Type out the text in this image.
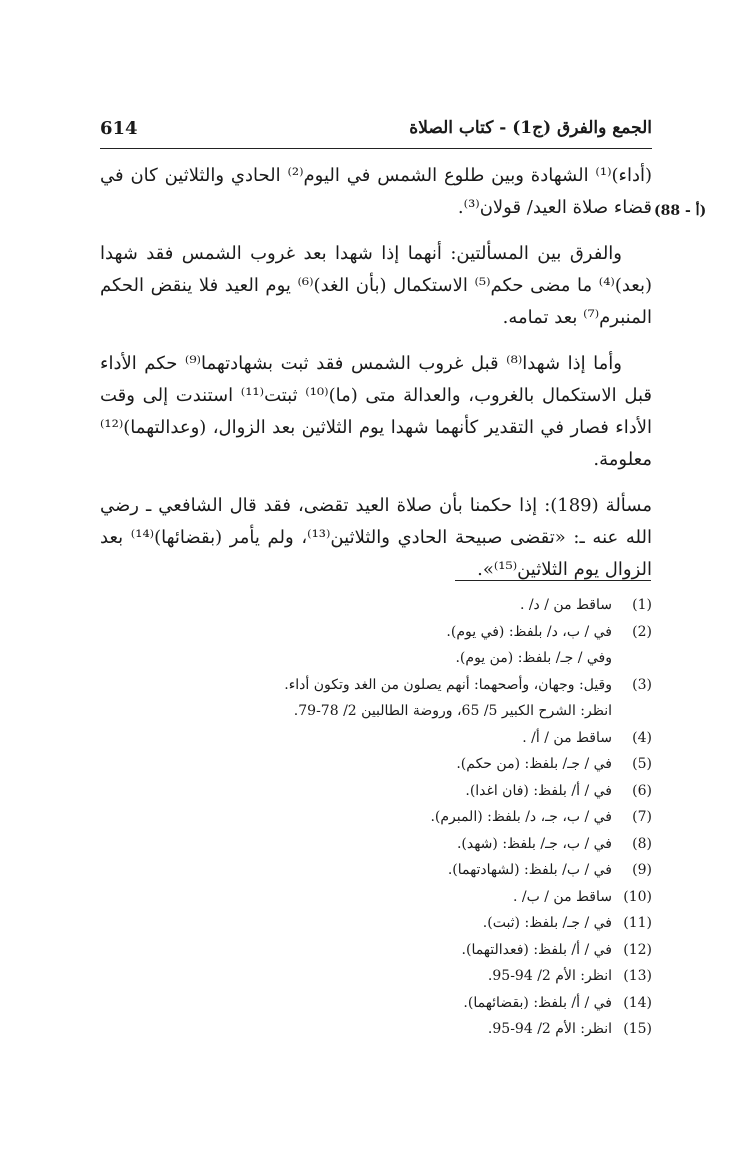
الجمع والفرق (ج1) - كتاب الصلاة
614
(88 - أ)

(أداء)⁽¹⁾ الشهادة وبين طلوع الشمس في اليوم⁽²⁾ الحادي والثلاثين كان في قضاء صلاة العيد/ قولان⁽³⁾.

والفرق بين المسألتين: أنهما إذا شهدا بعد غروب الشمس فقد شهدا (بعد)⁽⁴⁾ ما مضى حكم⁽⁵⁾ الاستكمال (بأن الغد)⁽⁶⁾ يوم العيد فلا ينقض الحكم المنبرم⁽⁷⁾ بعد تمامه.

وأما إذا شهدا⁽⁸⁾ قبل غروب الشمس فقد ثبت بشهادتهما⁽⁹⁾ حكم الأداء قبل الاستكمال بالغروب، والعدالة متى (ما)⁽¹⁰⁾ ثبتت⁽¹¹⁾ استندت إلى وقت الأداء فصار في التقدير كأنهما شهدا يوم الثلاثين بعد الزوال، (وعدالتهما)⁽¹²⁾ معلومة.

مسألة (189): إذا حكمنا بأن صلاة العيد تقضى، فقد قال الشافعي ـ رضي الله عنه ـ: «تقضى صبيحة الحادي والثلاثين⁽¹³⁾، ولم يأمر (بقضائها)⁽¹⁴⁾ بعد الزوال يوم الثلاثين⁽¹⁵⁾».

(1)
ساقط من / د/ .
(2)
في / ب، د/ بلفظ: (في يوم).
وفي / جـ/ بلفظ: (من يوم).
(3)
وقيل: وجهان، وأصحهما: أنهم يصلون من الغد وتكون أداء.
انظر: الشرح الكبير 5/ 65، وروضة الطالبين 2/ 78-79.
(4)
ساقط من / أ/ .
(5)
في / جـ/ بلفظ: (من حكم).
(6)
في / أ/ بلفظ: (فان اغدا).
(7)
في / ب، جـ، د/ بلفظ: (المبرم).
(8)
في / ب، جـ/ بلفظ: (شهد).
(9)
في / ب/ بلفظ: (لشهادتهما).
(10)
ساقط من / ب/ .
(11)
في / جـ/ بلفظ: (ثبت).
(12)
في / أ/ بلفظ: (فعدالتهما).
(13)
انظر: الأم 2/ 94-95.
(14)
في / أ/ بلفظ: (بقضائهما).
(15)
انظر: الأم 2/ 94-95.
